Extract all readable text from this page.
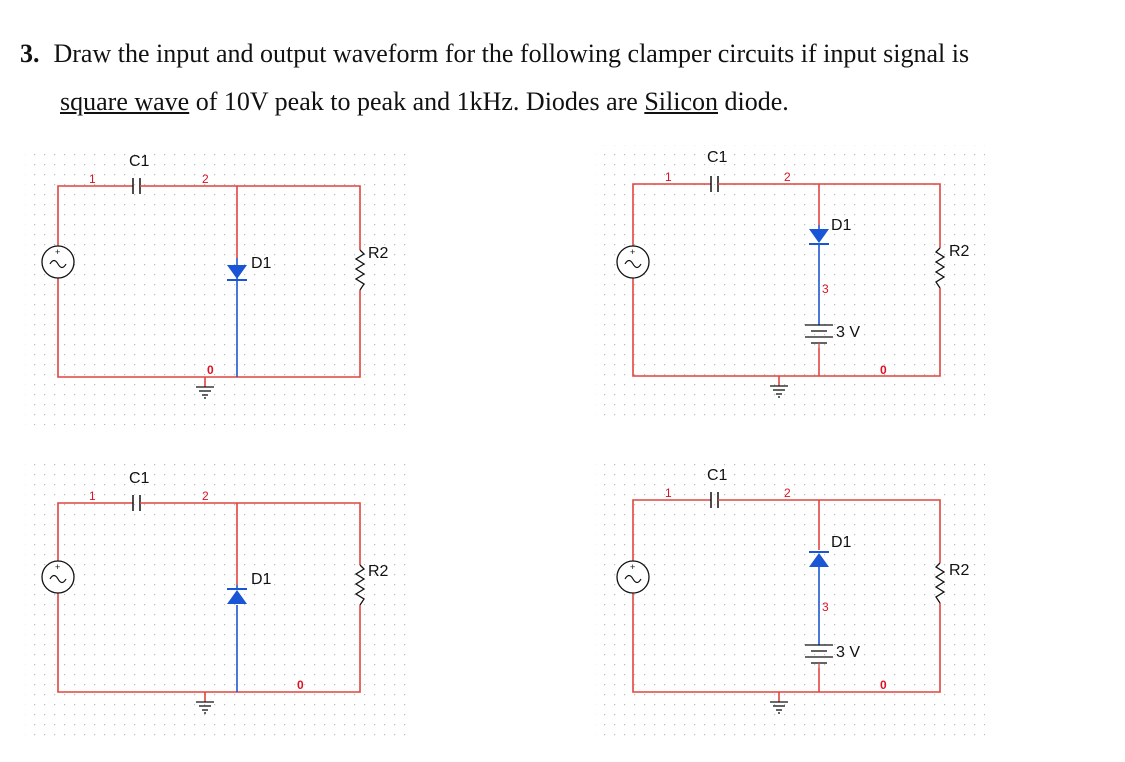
3. Draw the input and output waveform for the following clamper circuits if input signal is
square wave of 10V peak to peak and 1kHz. Diodes are Silicon diode.
+
C1
1	2
D1
R2
0
+
C1
1	2
D1
3
3 V
R2
0
+
C1
1	2
D1	R2
0
+
C1
1	2
D1
3
3 V
R2
0
